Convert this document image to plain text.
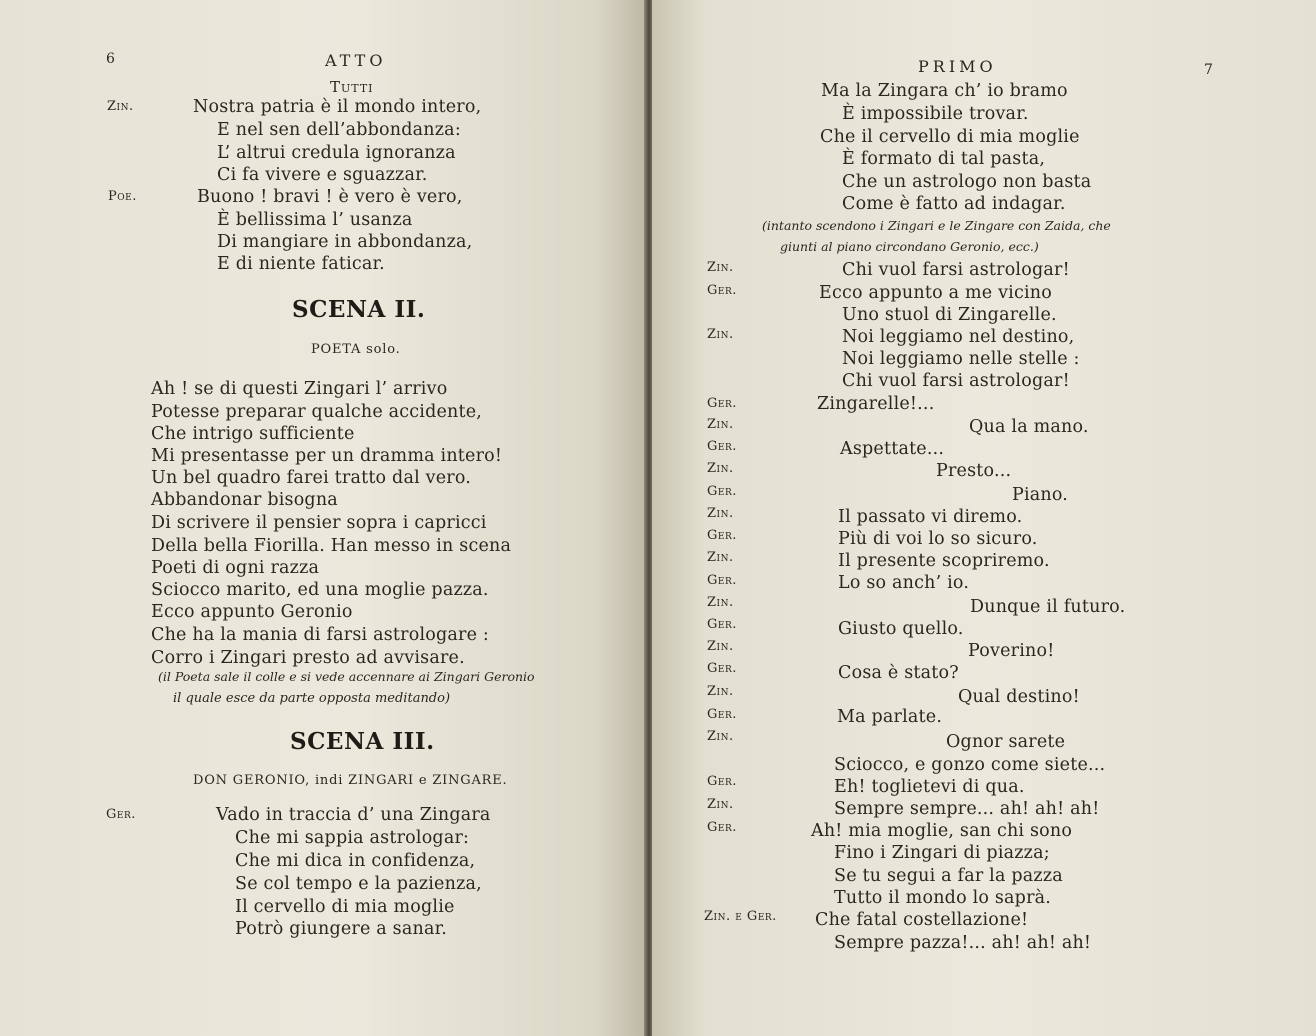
6	ATTO
Tutti
Zin.	Nostra patria è il mondo intero,
E nel sen dell’abbondanza:
L’ altrui credula ignoranza
Ci fa vivere e sguazzar.
Poe.	Buono ! bravi ! è vero è vero,
È bellissima l’ usanza
Di mangiare in abbondanza,
E di niente faticar.
SCENA II.
POETA solo.
Ah ! se di questi Zingari l’ arrivo
Potesse preparar qualche accidente,
Che intrigo sufficiente
Mi presentasse per un dramma intero!
Un bel quadro farei tratto dal vero.
Abbandonar bisogna
Di scrivere il pensier sopra i capricci
Della bella Fiorilla. Han messo in scena
Poeti di ogni razza
Sciocco marito, ed una moglie pazza.
Ecco appunto Geronio
Che ha la mania di farsi astrologare :
Corro i Zingari presto ad avvisare.
(il Poeta sale il colle e si vede accennare ai Zingari Geronio
il quale esce da parte opposta meditando)
SCENA III.
DON GERONIO, indi ZINGARI e ZINGARE.
Ger.	Vado in traccia d’ una Zingara
Che mi sappia astrologar:
Che mi dica in confidenza,
Se col tempo e la pazienza,
Il cervello di mia moglie
Potrò giungere a sanar.
PRIMO	7
Ma la Zingara ch’ io bramo
È impossibile trovar.
Che il cervello di mia moglie
È formato di tal pasta,
Che un astrologo non basta
Come è fatto ad indagar.
(intanto scendono i Zingari e le Zingare con Zaida, che
giunti al piano circondano Geronio, ecc.)
Zin.	Chi vuol farsi astrologar!
Ger.	Ecco appunto a me vicino
Uno stuol di Zingarelle.
Zin.	Noi leggiamo nel destino,
Noi leggiamo nelle stelle :
Chi vuol farsi astrologar!
Ger.	Zingarelle!...
Zin.	Qua la mano.
Ger.	Aspettate...
Zin.	Presto...
Ger.	Piano.
Zin.	Il passato vi diremo.
Ger.	Più di voi lo so sicuro.
Zin.	Il presente scopriremo.
Ger.	Lo so anch’ io.
Zin.	Dunque il futuro.
Ger.	Giusto quello.
Zin.	Poverino!
Ger.	Cosa è stato?
Zin.	Qual destino!
Ger.	Ma parlate.
Zin.	Ognor sarete
Sciocco, e gonzo come siete...
Ger.	Eh! toglietevi di qua.
Zin.	Sempre sempre... ah! ah! ah!
Ger.	Ah! mia moglie, san chi sono
Fino i Zingari di piazza;
Se tu segui a far la pazza
Tutto il mondo lo saprà.
Zin. e Ger. Che fatal costellazione!
Sempre pazza!... ah! ah! ah!
